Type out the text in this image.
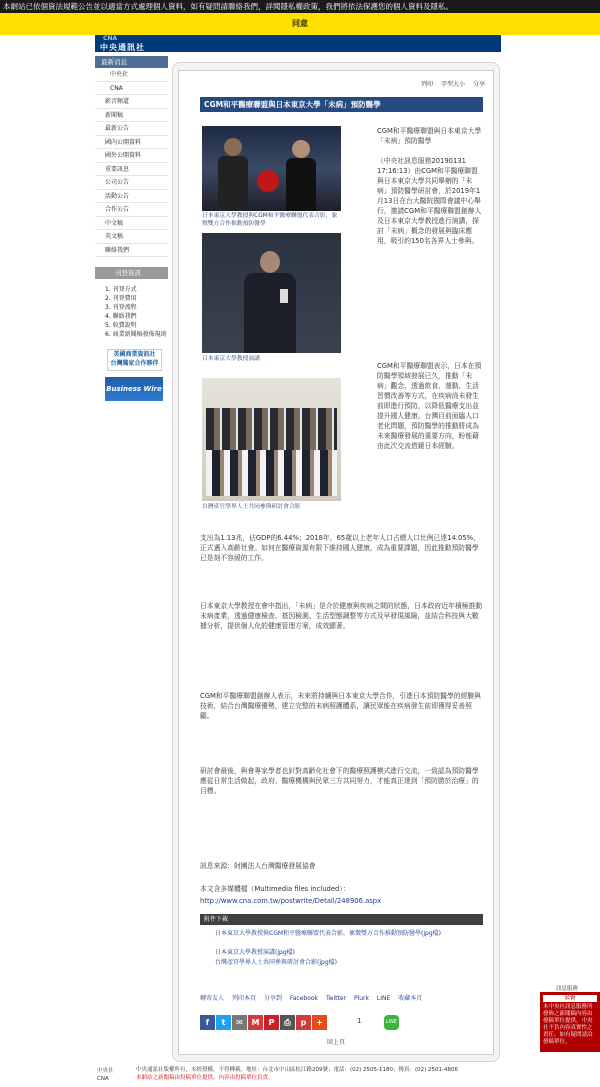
本網站已依個資法規範公告並以適當方式處理個人資料，如有疑問請聯絡我們，詳閱隱私權政策，我們將依法保護您的個人資料及隱私。
同意
CNA
中央通訊社
最新消息
中央社
CNA
影音頻道
新聞稿
最新公告
國內公開資料
國外公開資料
重要訊息
公司公告
活動公告
合作公告
中文稿
英文稿
聯絡我們
刊登資訊
1. 刊登方式
2. 刊登費用
3. 刊登流程
4. 聯絡我們
5. 收費說明
6. 商業新聞稿發佈規則
美國商業資訊社
台灣獨家合作夥伴
Business Wire
列印 字型大小 分享
CGM和平醫療聯盟與日本東京大學「未病」預防醫學
日本東京大學教授與CGM和平醫療聯盟代表合影，象徵雙方合作推動預防醫學
日本東京大學教授演講
台灣產官學界人士共同參與研討會合影
CGM和平醫療聯盟與日本東京大學「未病」預防醫學

（中央社訊息服務20190131 17:16:13）由CGM和平醫療聯盟與日本東京大學共同舉辦的「未病」預防醫學研討會，於2019年1月13日在台大醫院國際會議中心舉行，邀請CGM和平醫療聯盟創辦人及日本東京大學教授進行演講，探討「未病」概念的發展與臨床應用，吸引約150名各界人士參與。
CGM和平醫療聯盟表示，日本在預防醫學領域發展已久，推動「未病」觀念，透過飲食、運動、生活習慣改善等方式，在疾病尚未發生前即進行預防，以降低醫療支出並提升國人健康。台灣目前面臨人口老化問題，預防醫學的推動將成為未來醫療發展的重要方向，盼能藉由此次交流借鏡日本經驗。
支出為1.13兆，佔GDP的6.44%；2018年，65歲以上老年人口占總人口比例已達14.05%，正式邁入高齡社會。如何在醫療資源有限下維持國人健康，成為重要課題，因此推動預防醫學已是刻不容緩的工作。
日本東京大學教授在會中指出，「未病」是介於健康與疾病之間的狀態，日本政府近年積極推動未病產業，透過健康檢查、基因檢測、生活型態調整等方式及早發現風險，並結合科技與大數據分析，提供個人化的健康管理方案，成效顯著。
CGM和平醫療聯盟創辦人表示，未來將持續與日本東京大學合作，引進日本預防醫學的經驗與技術，結合台灣醫療優勢，建立完整的未病照護體系，讓民眾能在疾病發生前即獲得妥善照顧。
研討會最後，與會專家學者也針對高齡化社會下的醫療照護模式進行交流，一致認為預防醫學應從日常生活做起，政府、醫療機構與民眾三方共同努力，才能真正達到「預防勝於治療」的目標。
訊息來源：財團法人台灣醫療發展協會
本文含多媒體檔（Multimedia files included）：
http://www.cna.com.tw/postwrite/Detail/248906.aspx
附件下載
日本東京大學教授與CGM和平醫療聯盟代表合影，象徵雙方合作推動預防醫學(jpg檔)
日本東京大學教授演講(jpg檔)
台灣產官學界人士共同參與研討會合影(jpg檔)
轉寄友人 列印本頁 分享到 Facebook Twitter Plurk LINE 收藏本頁
f	t	✉	M	P	⎙	p	+	1	LINE
回上頁
中央社 CNA
中央通訊社版權所有，未經授權，不得轉載。地址：台北市中山區松江路209號；電話：(02) 2505-1180；傳真：(02) 2501-4806
本網站之新聞稿由投稿單位提供，內容由投稿單位負責。
訊息服務
公告
本中央社訊息服務所發佈之新聞稿內容由發稿單位提供，中央社不負內容真實性之責任，如有疑問請洽發稿單位。
